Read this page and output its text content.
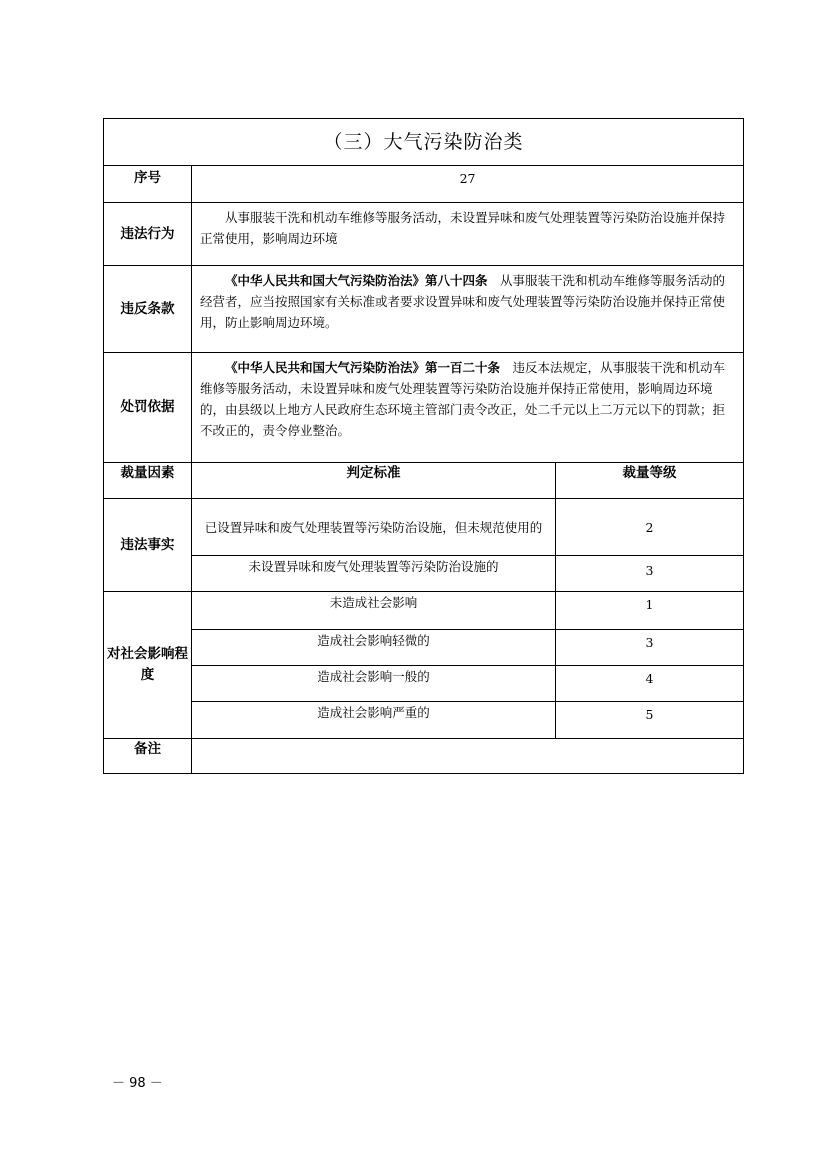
（三）大气污染防治类		
序号	27	
违法行为	从事服装干洗和机动车维修等服务活动，未设置异味和废气处理装置等污染防治设施并保持正常使用，影响周边环境	
违反条款	《中华人民共和国大气污染防治法》第八十四条　从事服装干洗和机动车维修等服务活动的经营者，应当按照国家有关标准或者要求设置异味和废气处理装置等污染防治设施并保持正常使用，防止影响周边环境。	
处罚依据	《中华人民共和国大气污染防治法》第一百二十条　违反本法规定，从事服装干洗和机动车维修等服务活动，未设置异味和废气处理装置等污染防治设施并保持正常使用，影响周边环境的，由县级以上地方人民政府生态环境主管部门责令改正，处二千元以上二万元以下的罚款；拒不改正的，责令停业整治。	
裁量因素	判定标准	裁量等级
违法事实	已设置异味和废气处理装置等污染防治设施，但未规范使用的	2
	未设置异味和废气处理装置等污染防治设施的	3
对社会影响程度	未造成社会影响	1
	造成社会影响轻微的	3
	造成社会影响一般的	4
	造成社会影响严重的	5
备注		
－ 98 －
